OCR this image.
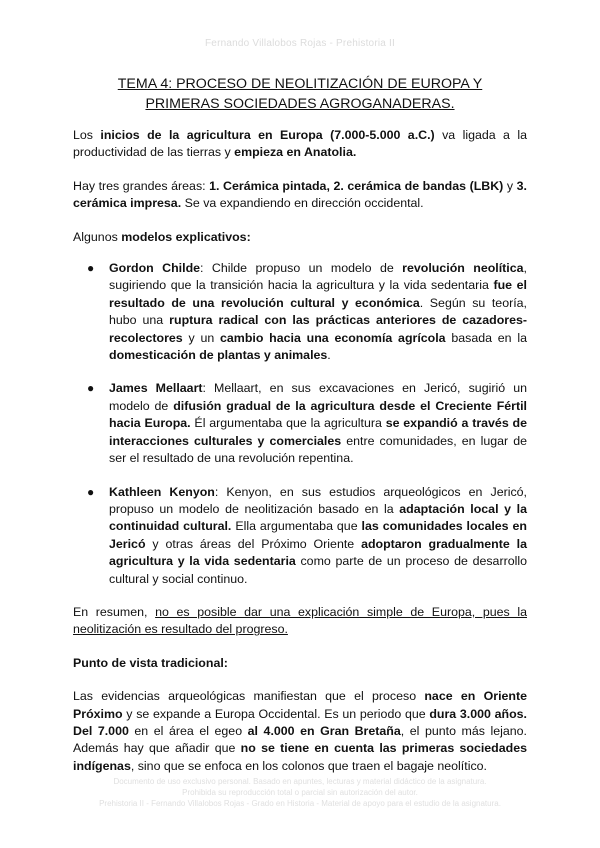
Fernando Villalobos Rojas - Prehistoria II
TEMA 4: PROCESO DE NEOLITIZACIÓN DE EUROPA Y
PRIMERAS SOCIEDADES AGROGANADERAS.

Los inicios de la agricultura en Europa (7.000-5.000 a.C.) va ligada a la productividad de las tierras y empieza en Anatolia.

Hay tres grandes áreas: 1. Cerámica pintada, 2. cerámica de bandas (LBK) y 3. cerámica impresa. Se va expandiendo en dirección occidental.

Algunos modelos explicativos:

● Gordon Childe: Childe propuso un modelo de revolución neolítica, sugiriendo que la transición hacia la agricultura y la vida sedentaria fue el resultado de una revolución cultural y económica. Según su teoría, hubo una ruptura radical con las prácticas anteriores de cazadores-recolectores y un cambio hacia una economía agrícola basada en la domesticación de plantas y animales.
● James Mellaart: Mellaart, en sus excavaciones en Jericó, sugirió un modelo de difusión gradual de la agricultura desde el Creciente Fértil hacia Europa. Él argumentaba que la agricultura se expandió a través de interacciones culturales y comerciales entre comunidades, en lugar de ser el resultado de una revolución repentina.
● Kathleen Kenyon: Kenyon, en sus estudios arqueológicos en Jericó, propuso un modelo de neolitización basado en la adaptación local y la continuidad cultural. Ella argumentaba que las comunidades locales en Jericó y otras áreas del Próximo Oriente adoptaron gradualmente la agricultura y la vida sedentaria como parte de un proceso de desarrollo cultural y social continuo.

En resumen, no es posible dar una explicación simple de Europa, pues la neolitización es resultado del progreso.

Punto de vista tradicional:

Las evidencias arqueológicas manifiestan que el proceso nace en Oriente Próximo y se expande a Europa Occidental. Es un periodo que dura 3.000 años. Del 7.000 en el área el egeo al 4.000 en Gran Bretaña, el punto más lejano. Además hay que añadir que no se tiene en cuenta las primeras sociedades indígenas, sino que se enfoca en los colonos que traen el bagaje neolítico.

Documento de uso exclusivo personal. Basado en apuntes, lecturas y material didáctico de la asignatura.
Prohibida su reproducción total o parcial sin autorización del autor.
Prehistoria II - Fernando Villalobos Rojas - Grado en Historia - Material de apoyo para el estudio de la asignatura.
